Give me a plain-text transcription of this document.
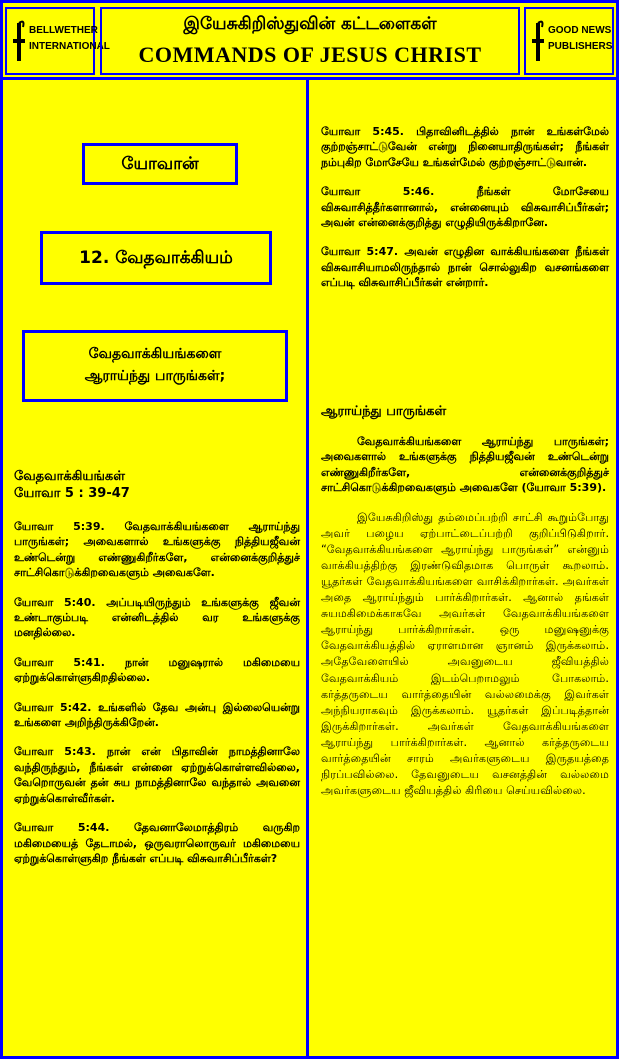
BELLWETHER
INTERNATIONAL
இயேசுகிறிஸ்துவின் கட்டளைகள்
COMMANDS OF JESUS CHRIST
GOOD NEWS
PUBLISHERS
யோவான்
12. வேதவாக்கியம்
வேதவாக்கியங்களை
ஆராய்ந்து பாருங்கள்;
வேதவாக்கியங்கள்
யோவா 5 : 39-47

யோவா 5:39. வேதவாக்கியங்களை ஆராய்ந்து பாருங்கள்; அவைகளால் உங்களுக்கு நித்தியஜீவன் உண்டென்று எண்ணுகிறீர்களே, என்னைக்குறித்துச் சாட்சிகொடுக்கிறவைகளும் அவைகளே.

யோவா 5:40. அப்படியிருந்தும் உங்களுக்கு ஜீவன் உண்டாகும்படி என்னிடத்தில் வர உங்களுக்கு மனதில்லை.

யோவா 5:41. நான் மனுஷரால் மகிமையை ஏற்றுக்கொள்ளுகிறதில்லை.

யோவா 5:42. உங்களில் தேவ அன்பு இல்லையென்று உங்களை அறிந்திருக்கிறேன்.

யோவா 5:43. நான் என் பிதாவின் நாமத்தினாலே வந்திருந்தும், நீங்கள் என்னை ஏற்றுக்கொள்ளவில்லை, வேறொருவன் தன் சுய நாமத்தினாலே வந்தால் அவனை ஏற்றுக்கொள்வீர்கள்.

யோவா 5:44. தேவனாலேமாத்திரம் வருகிற மகிமையைத் தேடாமல், ஒருவராலொருவர் மகிமையை ஏற்றுக்கொள்ளுகிற நீங்கள் எப்படி விசுவாசிப்பீர்கள்?

யோவா 5:45. பிதாவினிடத்தில் நான் உங்கள்மேல் குற்றஞ்சாட்டுவேன் என்று நினையாதிருங்கள்; நீங்கள் நம்புகிற மோசேயே உங்கள்மேல் குற்றஞ்சாட்டுவான்.

யோவா 5:46. நீங்கள் மோசேயை விசுவாசித்தீர்களானால், என்னையும் விசுவாசிப்பீர்கள்; அவன் என்னைக்குறித்து எழுதியிருக்கிறானே.

யோவா 5:47. அவன் எழுதின வாக்கியங்களை நீங்கள் விசுவாசியாமலிருந்தால் நான் சொல்லுகிற வசனங்களை எப்படி விசுவாசிப்பீர்கள் என்றார்.

ஆராய்ந்து பாருங்கள்

வேதவாக்கியங்களை ஆராய்ந்து பாருங்கள்; அவைகளால் உங்களுக்கு நித்தியஜீவன் உண்டென்று எண்ணுகிறீர்களே, என்னைக்குறித்துச் சாட்சிகொடுக்கிறவைகளும் அவைகளே (யோவா 5:39).

இயேசுகிறிஸ்து தம்மைப்பற்றி சாட்சி கூறும்போது அவர் பழைய ஏற்பாட்டைப்பற்றி குறிப்பிடுகிறார். “வேதவாக்கியங்களை ஆராய்ந்து பாருங்கள்” என்னும் வாக்கியத்திற்கு இரண்டுவிதமாக பொருள் கூறலாம். யூதர்கள் வேதவாக்கியங்களை வாசிக்கிறார்கள். அவர்கள் அதை ஆராய்ந்தும் பார்க்கிறார்கள். ஆனால் தங்கள் சுயமகிமைக்காகவே அவர்கள் வேதவாக்கியங்களை ஆராய்ந்து பார்க்கிறார்கள். ஒரு மனுஷனுக்கு வேதவாக்கியத்தில் ஏராளமான ஞானம் இருக்கலாம். அதேவேளையில் அவனுடைய ஜீவியத்தில் வேதவாக்கியம் இடம்பெறாமலும் போகலாம். கர்த்தருடைய வார்த்தையின் வல்லமைக்கு இவர்கள் அந்நியராகவும் இருக்கலாம். யூதர்கள் இப்படித்தான் இருக்கிறார்கள். அவர்கள் வேதவாக்கியங்களை ஆராய்ந்து பார்க்கிறார்கள். ஆனால் கர்த்தருடைய வார்த்தையின் சாரம் அவர்களுடைய இருதயத்தை நிரப்பவில்லை. தேவனுடைய வசனத்தின் வல்லமை அவர்களுடைய ஜீவியத்தில் கிரியை செய்யவில்லை.
